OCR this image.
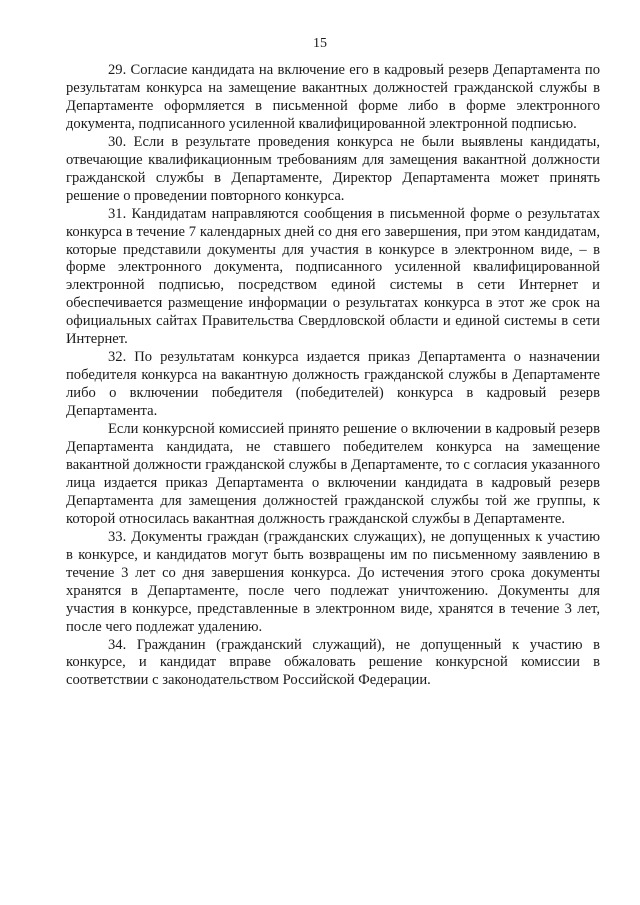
15

29. Согласие кандидата на включение его в кадровый резерв Департамента по результатам конкурса на замещение вакантных должностей гражданской службы в Департаменте оформляется в письменной форме либо в форме электронного документа, подписанного усиленной квалифицированной электронной подписью.

30. Если в результате проведения конкурса не были выявлены кандидаты, отвечающие квалификационным требованиям для замещения вакантной должности гражданской службы в Департаменте, Директор Департамента может принять решение о проведении повторного конкурса.

31. Кандидатам направляются сообщения в письменной форме о результатах конкурса в течение 7 календарных дней со дня его завершения, при этом кандидатам, которые представили документы для участия в конкурсе в электронном виде, – в форме электронного документа, подписанного усиленной квалифицированной электронной подписью, посредством единой системы в сети Интернет и обеспечивается размещение информации о результатах конкурса в этот же срок на официальных сайтах Правительства Свердловской области и единой системы в сети Интернет.

32. По результатам конкурса издается приказ Департамента о назначении победителя конкурса на вакантную должность гражданской службы в Департаменте либо о включении победителя (победителей) конкурса в кадровый резерв Департамента.

Если конкурсной комиссией принято решение о включении в кадровый резерв Департамента кандидата, не ставшего победителем конкурса на замещение вакантной должности гражданской службы в Департаменте, то с согласия указанного лица издается приказ Департамента о включении кандидата в кадровый резерв Департамента для замещения должностей гражданской службы той же группы, к которой относилась вакантная должность гражданской службы в Департаменте.

33. Документы граждан (гражданских служащих), не допущенных к участию в конкурсе, и кандидатов могут быть возвращены им по письменному заявлению в течение 3 лет со дня завершения конкурса. До истечения этого срока документы хранятся в Департаменте, после чего подлежат уничтожению. Документы для участия в конкурсе, представленные в электронном виде, хранятся в течение 3 лет, после чего подлежат удалению.

34. Гражданин (гражданский служащий), не допущенный к участию в конкурсе, и кандидат вправе обжаловать решение конкурсной комиссии в соответствии с законодательством Российской Федерации.
